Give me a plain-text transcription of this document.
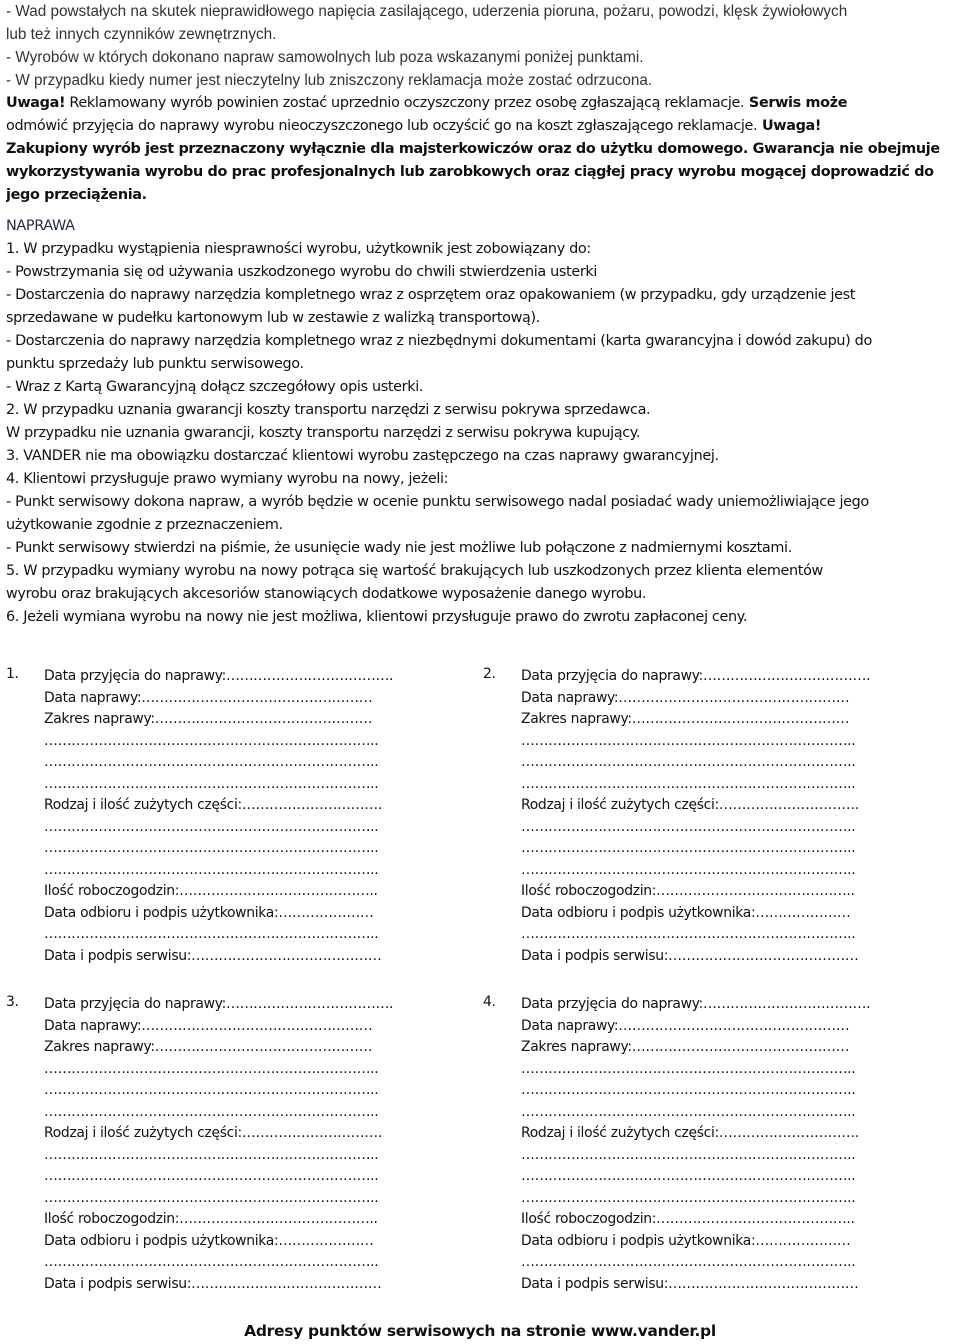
- Wad powstałych na skutek nieprawidłowego napięcia zasilającego, uderzenia pioruna, pożaru, powodzi, klęsk żywiołowych
lub też innych czynników zewnętrznych.
- Wyrobów w których dokonano napraw samowolnych lub poza wskazanymi poniżej punktami.
- W przypadku kiedy numer jest nieczytelny lub zniszczony reklamacja może zostać odrzucona.
Uwaga! Reklamowany wyrób powinien zostać uprzednio oczyszczony przez osobę zgłaszającą reklamacje. Serwis może
odmówić przyjęcia do naprawy wyrobu nieoczyszczonego lub oczyścić go na koszt zgłaszającego reklamacje. Uwaga!
Zakupiony wyrób jest przeznaczony wyłącznie dla majsterkowiczów oraz do użytku domowego. Gwarancja nie obejmuje
wykorzystywania wyrobu do prac profesjonalnych lub zarobkowych oraz ciągłej pracy wyrobu mogącej doprowadzić do
jego przeciążenia.
NAPRAWA
1. W przypadku wystąpienia niesprawności wyrobu, użytkownik jest zobowiązany do:
- Powstrzymania się od używania uszkodzonego wyrobu do chwili stwierdzenia usterki
- Dostarczenia do naprawy narzędzia kompletnego wraz z osprzętem oraz opakowaniem (w przypadku, gdy urządzenie jest
sprzedawane w pudełku kartonowym lub w zestawie z walizką transportową).
- Dostarczenia do naprawy narzędzia kompletnego wraz z niezbędnymi dokumentami (karta gwarancyjna i dowód zakupu) do
punktu sprzedaży lub punktu serwisowego.
- Wraz z Kartą Gwarancyjną dołącz szczegółowy opis usterki.
2. W przypadku uznania gwarancji koszty transportu narzędzi z serwisu pokrywa sprzedawca.
W przypadku nie uznania gwarancji, koszty transportu narzędzi z serwisu pokrywa kupujący.
3. VANDER nie ma obowiązku dostarczać klientowi wyrobu zastępczego na czas naprawy gwarancyjnej.
4. Klientowi przysługuje prawo wymiany wyrobu na nowy, jeżeli:
- Punkt serwisowy dokona napraw, a wyrób będzie w ocenie punktu serwisowego nadal posiadać wady uniemożliwiające jego
użytkowanie zgodnie z przeznaczeniem.
- Punkt serwisowy stwierdzi na piśmie, że usunięcie wady nie jest możliwe lub połączone z nadmiernymi kosztami.
5. W przypadku wymiany wyrobu na nowy potrąca się wartość brakujących lub uszkodzonych przez klienta elementów
wyrobu oraz brakujących akcesoriów stanowiących dodatkowe wyposażenie danego wyrobu.
6. Jeżeli wymiana wyrobu na nowy nie jest możliwa, klientowi przysługuje prawo do zwrotu zapłaconej ceny.
1.	Data przyjęcia do naprawy:……………………………….
Data naprawy:……………………………………………
Zakres naprawy:…………………………………………
………………………………………………………………..
………………………………………………………………..
………………………………………………………………..
Rodzaj i ilość zużytych części:………………………….
………………………………………………………………..
………………………………………………………………..
………………………………………………………………..
Ilość roboczogodzin:……………………………………..
Data odbioru i podpis użytkownika:…………………
………………………………………………………………..
Data i podpis serwisu:……………………………………
2.	Data przyjęcia do naprawy:……………………………….
Data naprawy:……………………………………………
Zakres naprawy:…………………………………………
………………………………………………………………..
………………………………………………………………..
………………………………………………………………..
Rodzaj i ilość zużytych części:………………………….
………………………………………………………………..
………………………………………………………………..
………………………………………………………………..
Ilość roboczogodzin:……………………………………..
Data odbioru i podpis użytkownika:…………………
………………………………………………………………..
Data i podpis serwisu:……………………………………
3.	Data przyjęcia do naprawy:……………………………….
Data naprawy:……………………………………………
Zakres naprawy:…………………………………………
………………………………………………………………..
………………………………………………………………..
………………………………………………………………..
Rodzaj i ilość zużytych części:………………………….
………………………………………………………………..
………………………………………………………………..
………………………………………………………………..
Ilość roboczogodzin:……………………………………..
Data odbioru i podpis użytkownika:…………………
………………………………………………………………..
Data i podpis serwisu:……………………………………
4.	Data przyjęcia do naprawy:……………………………….
Data naprawy:……………………………………………
Zakres naprawy:…………………………………………
………………………………………………………………..
………………………………………………………………..
………………………………………………………………..
Rodzaj i ilość zużytych części:………………………….
………………………………………………………………..
………………………………………………………………..
………………………………………………………………..
Ilość roboczogodzin:……………………………………..
Data odbioru i podpis użytkownika:…………………
………………………………………………………………..
Data i podpis serwisu:……………………………………
Adresy punktów serwisowych na stronie www.vander.pl
